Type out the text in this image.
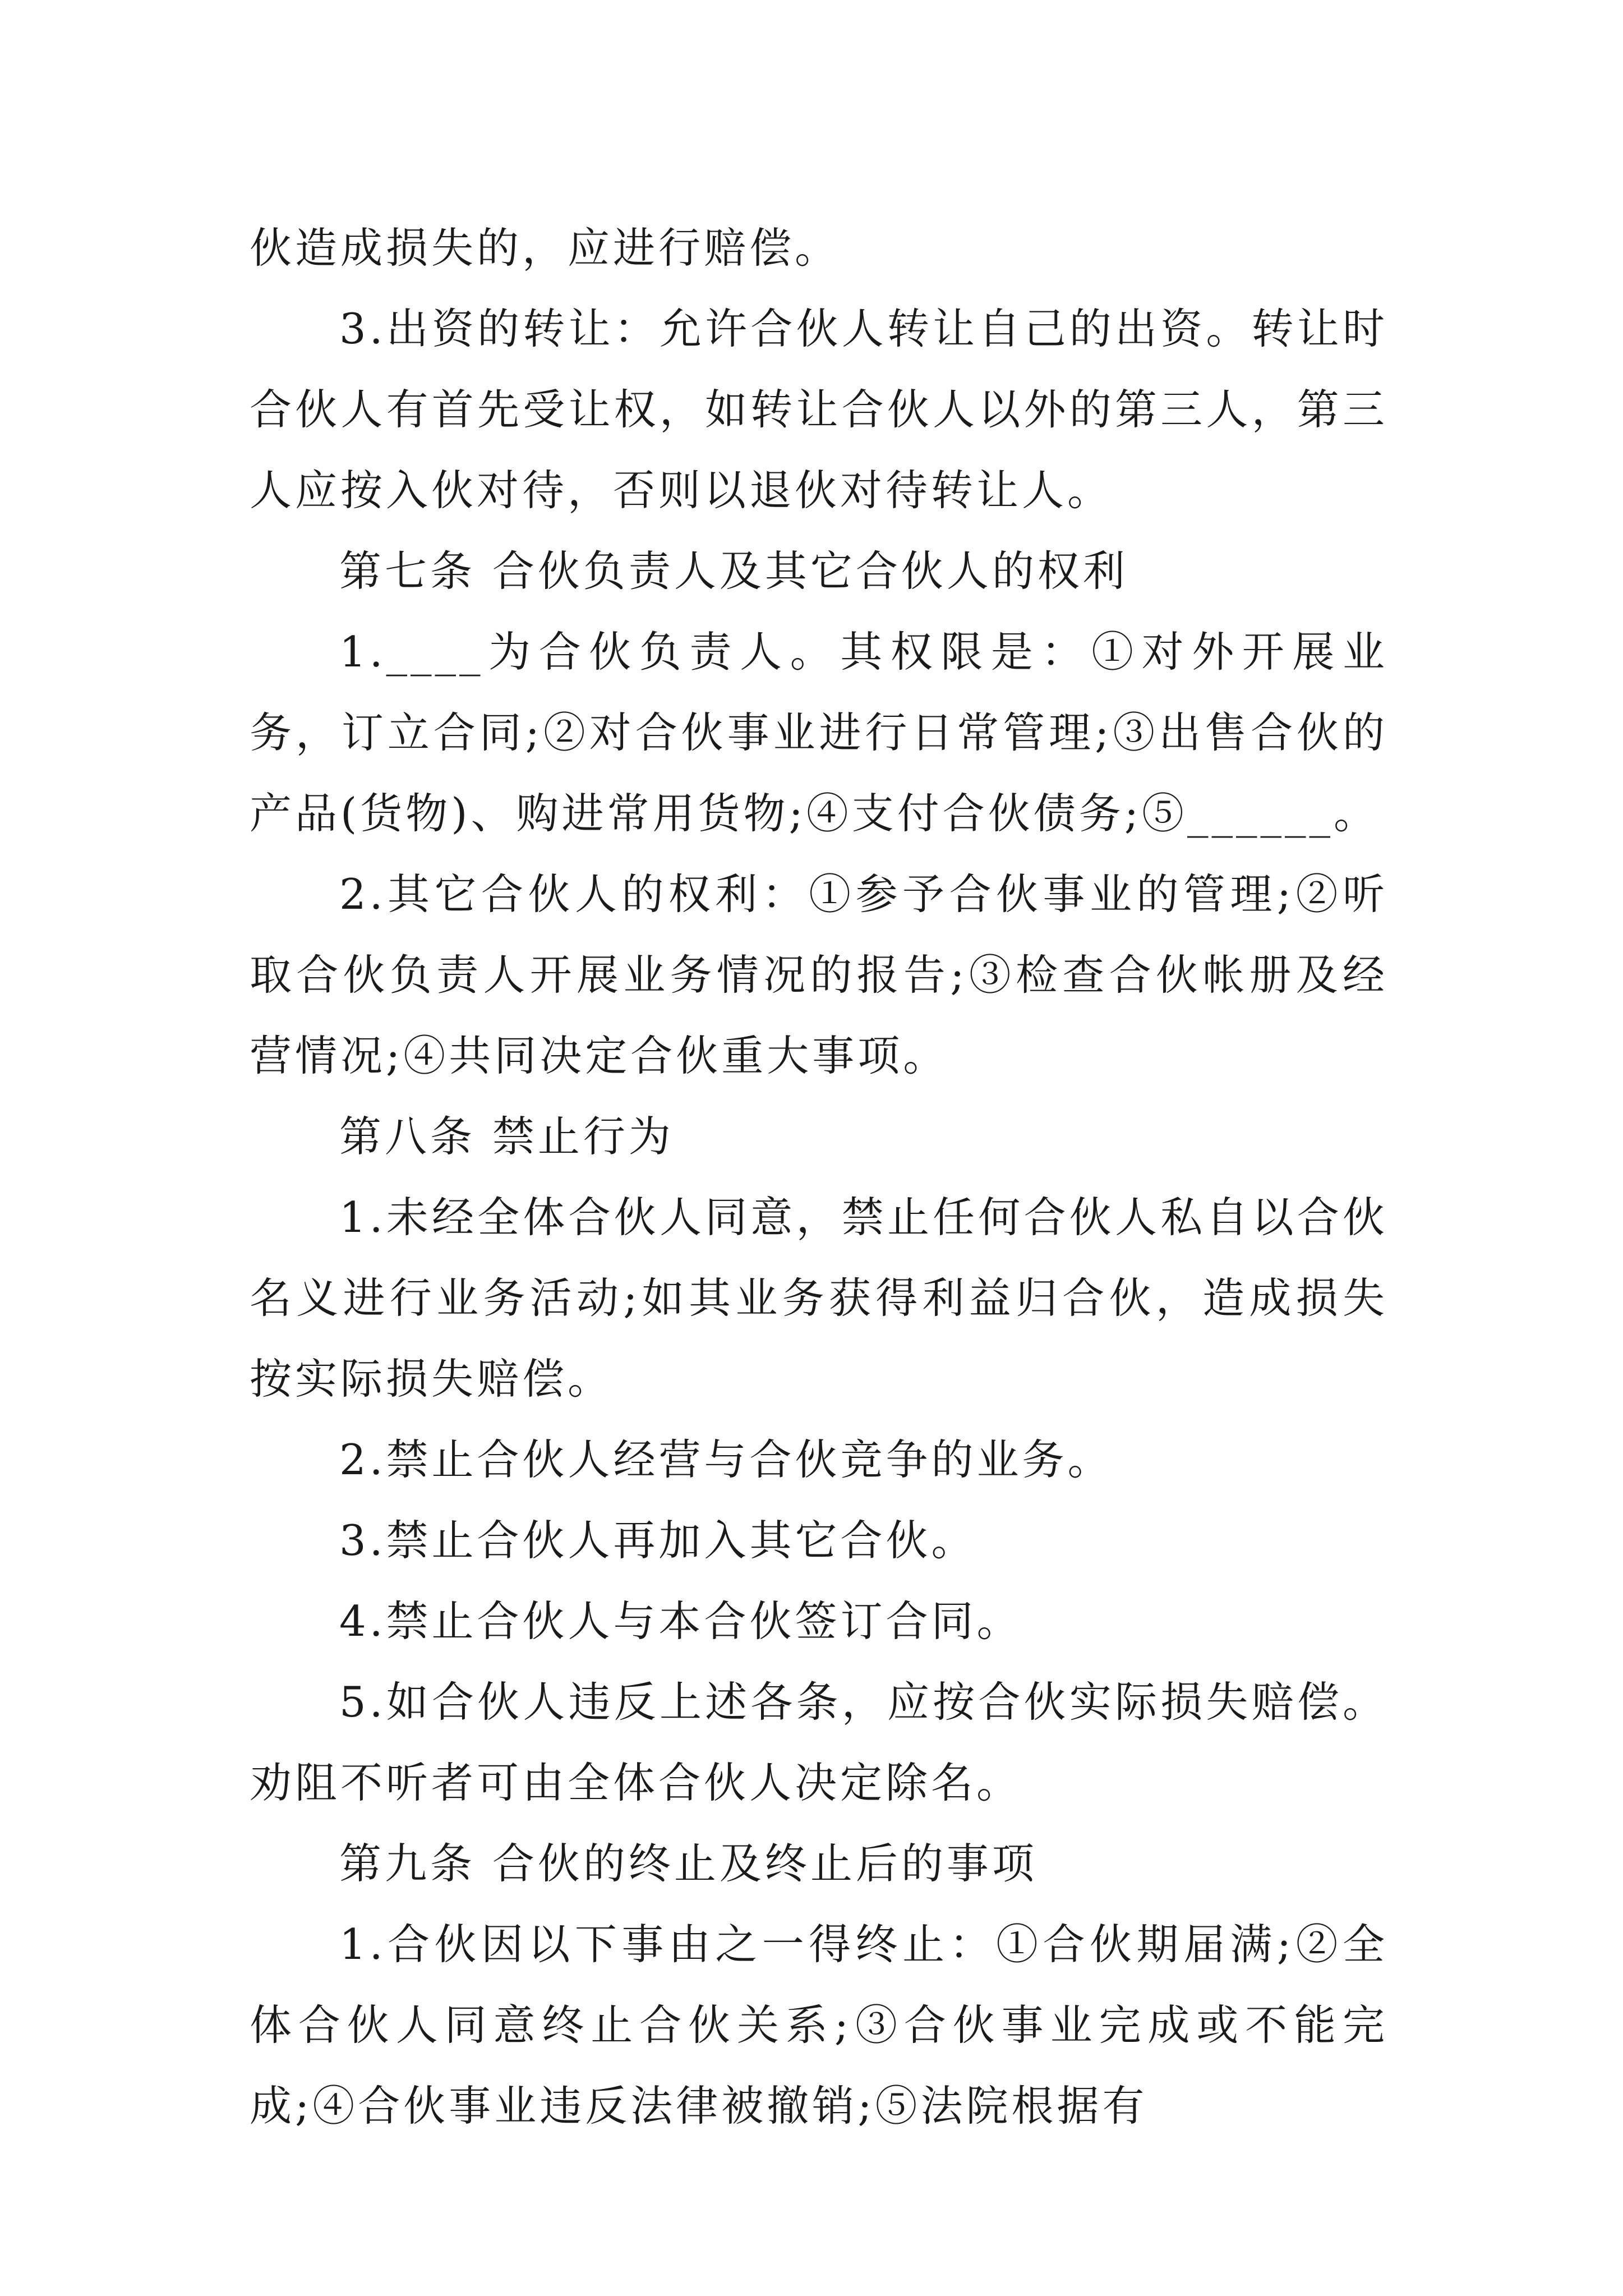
伙造成损失的，应进行赔偿。

3.出资的转让：允许合伙人转让自己的出资。转让时合伙人有首先受让权，如转让合伙人以外的第三人，第三人应按入伙对待，否则以退伙对待转让人。

第七条 合伙负责人及其它合伙人的权利

1.____为合伙负责人。其权限是：①对外开展业务，订立合同;②对合伙事业进行日常管理;③出售合伙的产品(货物)、购进常用货物;④支付合伙债务;⑤______。

2.其它合伙人的权利：①参予合伙事业的管理;②听取合伙负责人开展业务情况的报告;③检查合伙帐册及经营情况;④共同决定合伙重大事项。

第八条 禁止行为

1.未经全体合伙人同意，禁止任何合伙人私自以合伙名义进行业务活动;如其业务获得利益归合伙，造成损失按实际损失赔偿。

2.禁止合伙人经营与合伙竞争的业务。

3.禁止合伙人再加入其它合伙。

4.禁止合伙人与本合伙签订合同。

5.如合伙人违反上述各条，应按合伙实际损失赔偿。劝阻不听者可由全体合伙人决定除名。

第九条 合伙的终止及终止后的事项

1.合伙因以下事由之一得终止：①合伙期届满;②全体合伙人同意终止合伙关系;③合伙事业完成或不能完成;④合伙事业违反法律被撤销;⑤法院根据有
